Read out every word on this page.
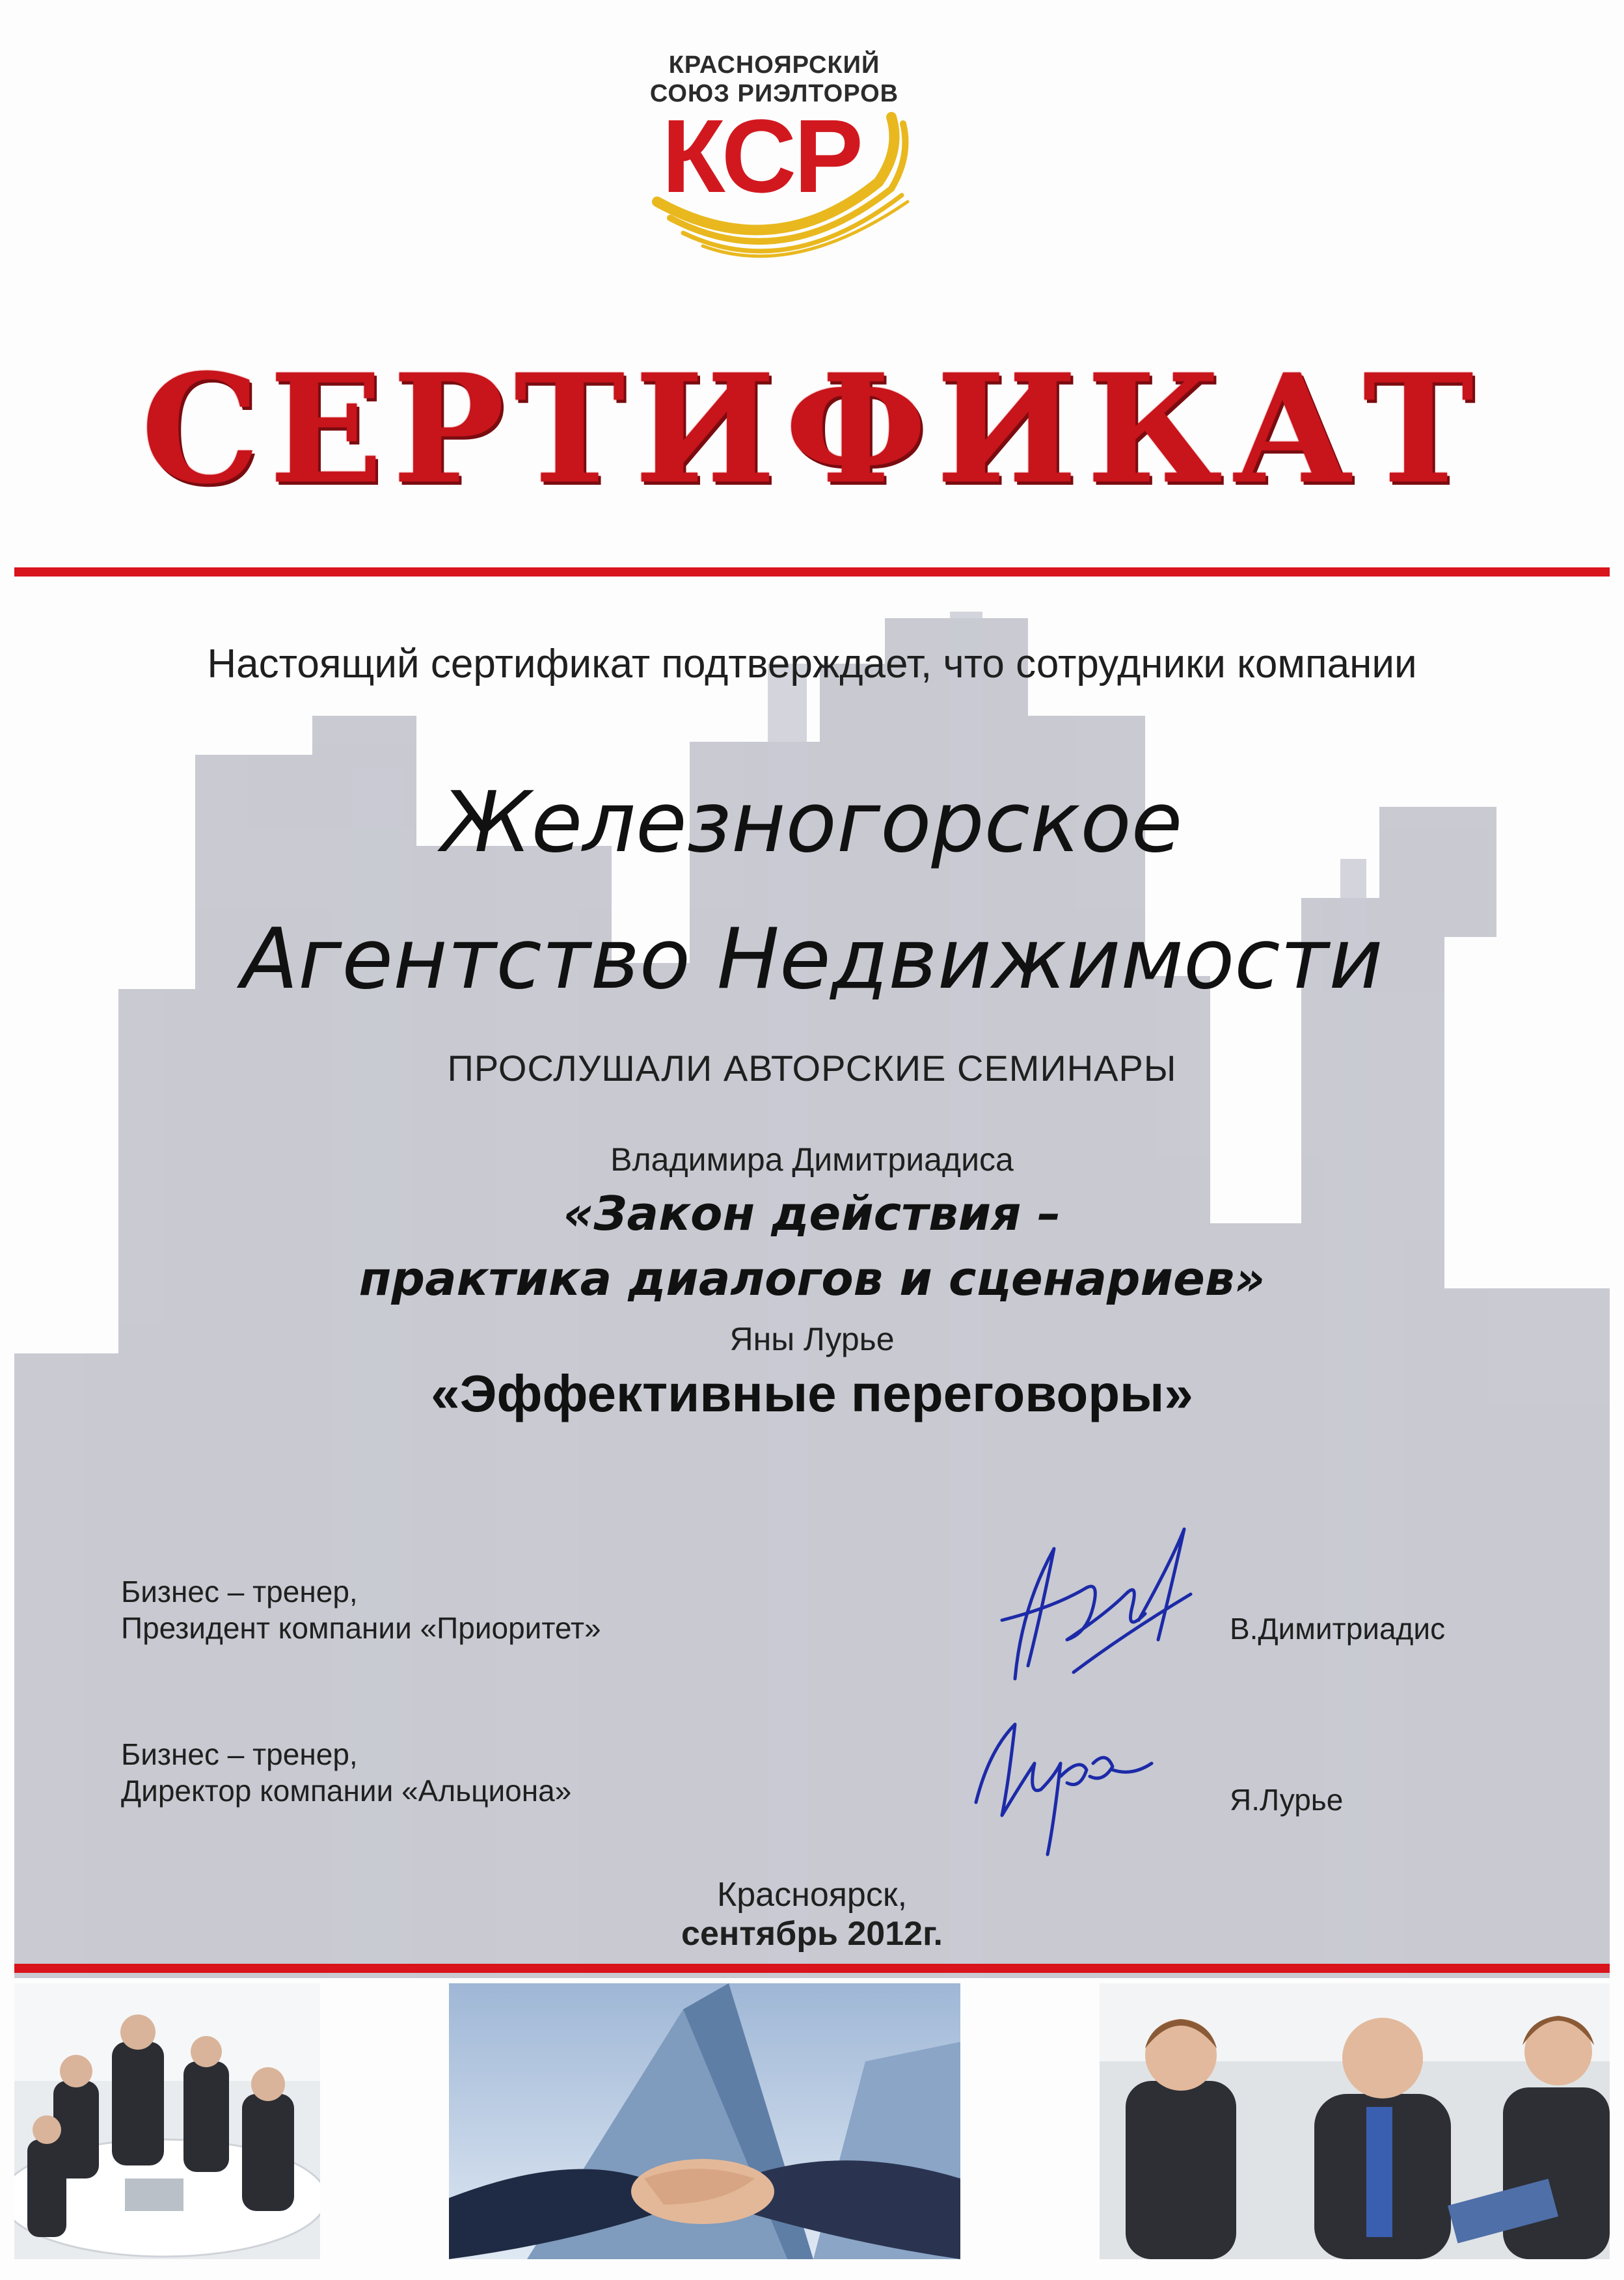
КРАСНОЯРСКИЙ
СОЮЗ РИЭЛТОРОВ
КСР
СЕРТИФИКАТ
Настоящий сертификат подтверждает, что сотрудники компании
Железногорское
Агентство Недвижимости
ПРОСЛУШАЛИ АВТОРСКИЕ СЕМИНАРЫ
Владимира Димитриадиса
«Закон действия –
практика диалогов и сценариев»
Яны Лурье
«Эффективные переговоры»
Бизнес – тренер,
Президент компании «Приоритет»	В.Димитриадис
Бизнес – тренер,
Директор компании «Альциона»	Я.Лурье
Красноярск,
сентябрь 2012г.
